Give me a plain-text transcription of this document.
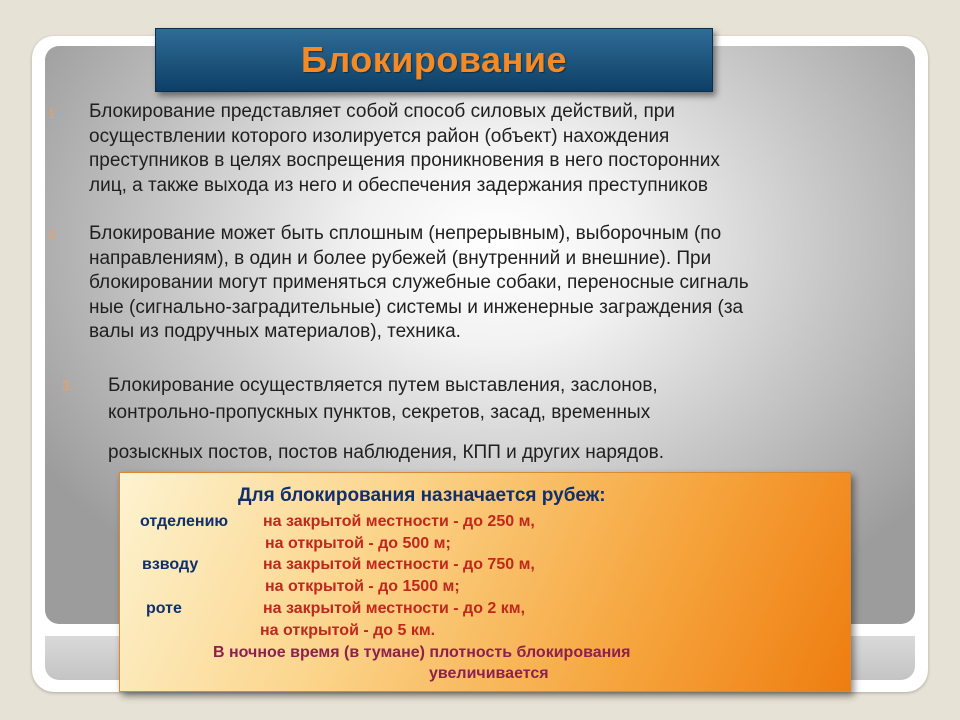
Блокирование
1. Блокирование представляет собой способ силовых действий, при
осуществлении которого изолируется район (объект) нахождения
преступников в целях воспрещения проникновения в него посторонних
лиц, а также выхода из него и обеспечения задержания преступников

2. Блокирование может быть сплошным (непрерывным), выборочным (по
направлениям), в один и более рубежей (внутренний и внешние). При
блокировании могут применяться служебные собаки, переносные сигналь
ные (сигнально-заградительные) системы и инженерные заграждения (за
валы из подручных материалов), техника.

3. Блокирование осуществляется путем выставления, заслонов,

контрольно-пропускных пунктов, секретов, засад, временных

розыскных постов, постов наблюдения, КПП и других нарядов.

Для блокирования назначается рубеж:
отделению на закрытой местности - до 250 м,
на открытой - до 500 м;
взводу	на закрытой местности - до 750 м,
на открытой - до 1500 м;
роте	на закрытой местности - до 2 км,
на открытой - до 5 км.
В ночное время (в тумане) плотность блокирования
увеличивается
